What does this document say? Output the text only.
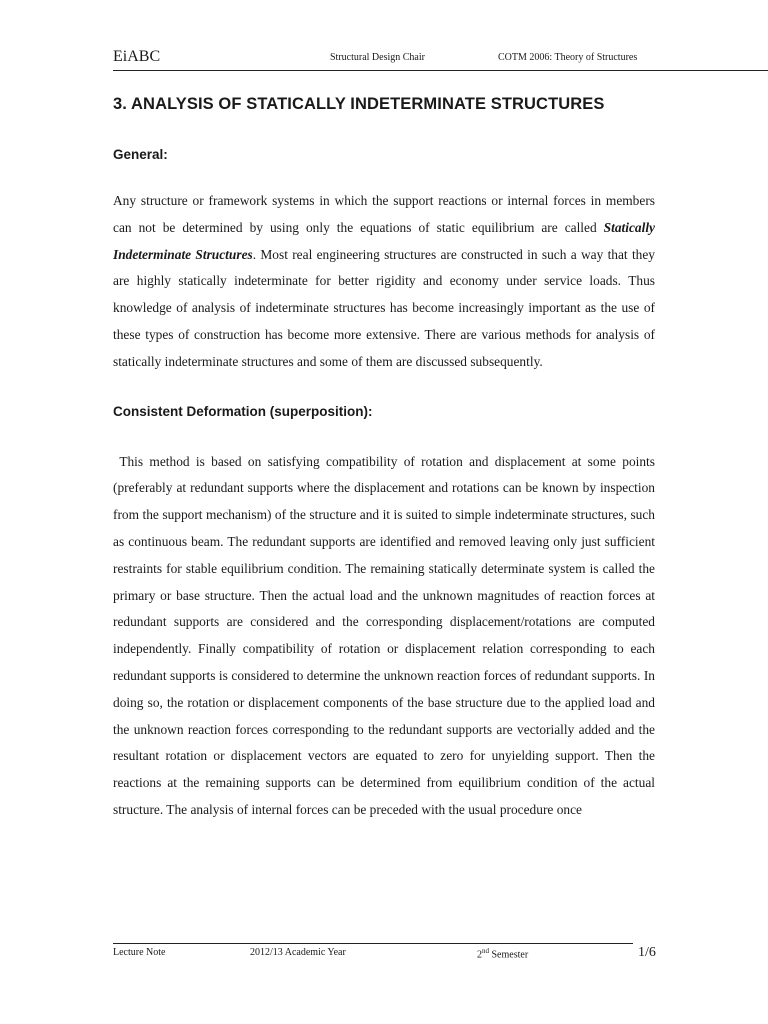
EiABC	Structural Design Chair	COTM 2006: Theory of Structures
3. ANALYSIS OF STATICALLY INDETERMINATE STRUCTURES
General:

Any structure or framework systems in which the support reactions or internal forces in members can not be determined by using only the equations of static equilibrium are called Statically Indeterminate Structures. Most real engineering structures are constructed in such a way that they are highly statically indeterminate for better rigidity and economy under service loads. Thus knowledge of analysis of indeterminate structures has become increasingly important as the use of these types of construction has become more extensive. There are various methods for analysis of statically indeterminate structures and some of them are discussed subsequently.

Consistent Deformation (superposition):

This method is based on satisfying compatibility of rotation and displacement at some points (preferably at redundant supports where the displacement and rotations can be known by inspection from the support mechanism) of the structure and it is suited to simple indeterminate structures, such as continuous beam. The redundant supports are identified and removed leaving only just sufficient restraints for stable equilibrium condition. The remaining statically determinate system is called the primary or base structure. Then the actual load and the unknown magnitudes of reaction forces at redundant supports are considered and the corresponding displacement/rotations are computed independently. Finally compatibility of rotation or displacement relation corresponding to each redundant supports is considered to determine the unknown reaction forces of redundant supports. In doing so, the rotation or displacement components of the base structure due to the applied load and the unknown reaction forces corresponding to the redundant supports are vectorially added and the resultant rotation or displacement vectors are equated to zero for unyielding support. Then the reactions at the remaining supports can be determined from equilibrium condition of the actual structure. The analysis of internal forces can be preceded with the usual procedure once

Lecture Note	2012/13 Academic Year	2nd Semester	1/6
